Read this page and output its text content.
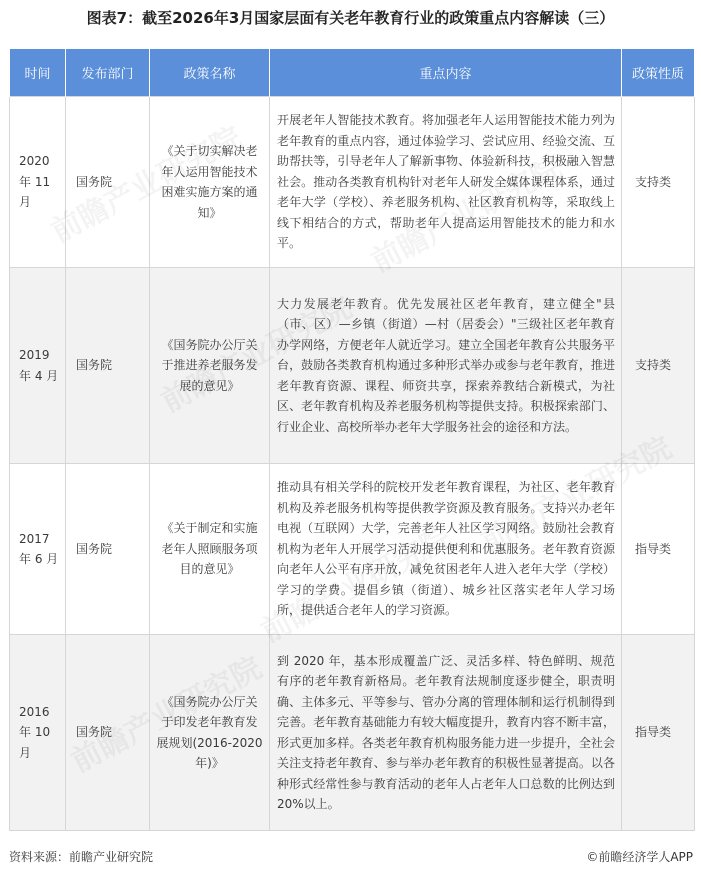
图表7：截至2026年3月国家层面有关老年教育行业的政策重点内容解读（三）
时间	发布部门	政策名称	重点内容	政策性质
2020 年 11 月	国务院	《关于切实解决老年人运用智能技术困难实施方案的通知》	开展老年人智能技术教育。将加强老年人运用智能技术能力列为老年教育的重点内容，通过体验学习、尝试应用、经验交流、互助帮扶等，引导老年人了解新事物、体验新科技，积极融入智慧社会。推动各类教育机构针对老年人研发全媒体课程体系，通过老年大学（学校）、养老服务机构、社区教育机构等，采取线上线下相结合的方式，帮助老年人提高运用智能技术的能力和水平。	支持类
2019 年 4 月	国务院	《国务院办公厅关于推进养老服务发展的意见》	大力发展老年教育。优先发展社区老年教育，建立健全"县（市、区）—乡镇（街道）—村（居委会）"三级社区老年教育办学网络，方便老年人就近学习。建立全国老年教育公共服务平台，鼓励各类教育机构通过多种形式举办或参与老年教育，推进老年教育资源、课程、师资共享，探索养教结合新模式，为社区、老年教育机构及养老服务机构等提供支持。积极探索部门、行业企业、高校所举办老年大学服务社会的途径和方法。	支持类
2017 年 6 月	国务院	《关于制定和实施老年人照顾服务项目的意见》	推动具有相关学科的院校开发老年教育课程，为社区、老年教育机构及养老服务机构等提供教学资源及教育服务。支持兴办老年电视（互联网）大学，完善老年人社区学习网络。鼓励社会教育机构为老年人开展学习活动提供便利和优惠服务。老年教育资源向老年人公平有序开放，减免贫困老年人进入老年大学（学校）学习的学费。提倡乡镇（街道）、城乡社区落实老年人学习场所，提供适合老年人的学习资源。	指导类
2016 年 10 月	国务院	《国务院办公厅关于印发老年教育发展规划(2016-2020 年)》	到 2020 年，基本形成覆盖广泛、灵活多样、特色鲜明、规范有序的老年教育新格局。老年教育法规制度逐步健全，职责明确、主体多元、平等参与、管办分离的管理体制和运行机制得到完善。老年教育基础能力有较大幅度提升，教育内容不断丰富，形式更加多样。各类老年教育机构服务能力进一步提升，全社会关注支持老年教育、参与举办老年教育的积极性显著提高。以各种形式经常性参与教育活动的老年人占老年人口总数的比例达到 20%以上。	指导类
资料来源：前瞻产业研究院	©前瞻经济学人APP
